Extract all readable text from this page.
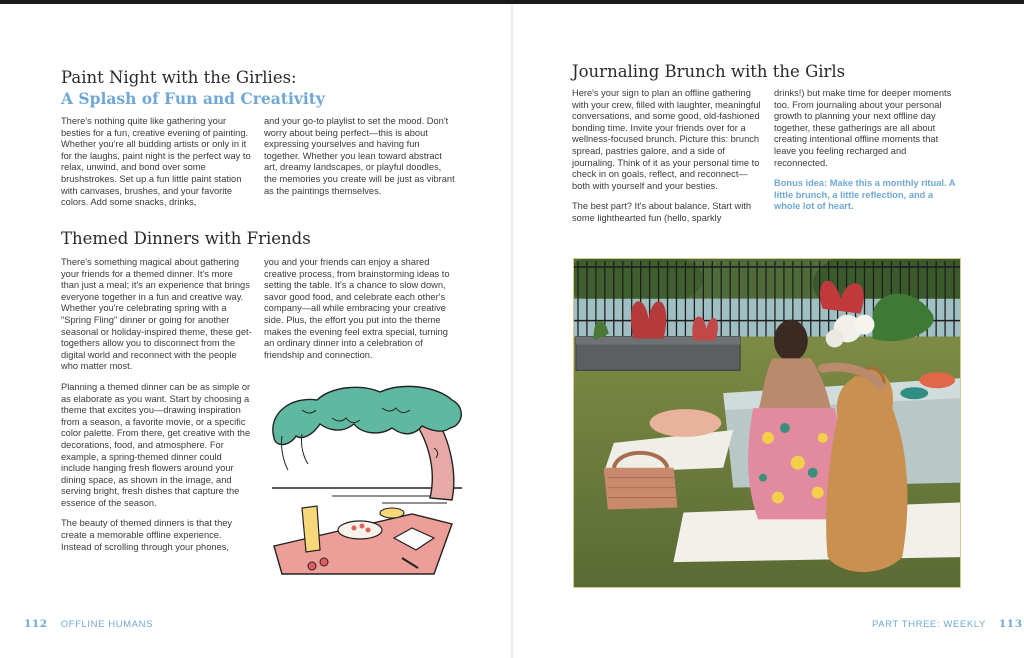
Paint Night with the Girlies:
A Splash of Fun and Creativity

There's nothing quite like gathering your besties for a fun, creative evening of painting. Whether you're all budding artists or only in it for the laughs, paint night is the perfect way to relax, unwind, and bond over some brushstrokes. Set up a fun little paint station with canvases, brushes, and your favorite colors. Add some snacks, drinks,

and your go-to playlist to set the mood. Don't worry about being perfect—this is about expressing yourselves and having fun together. Whether you lean toward abstract art, dreamy landscapes, or playful doodles, the memories you create will be just as vibrant as the paintings themselves.

Themed Dinners with Friends

There's something magical about gathering your friends for a themed dinner. It's more than just a meal; it's an experience that brings everyone together in a fun and creative way. Whether you're celebrating spring with a "Spring Fling" dinner or going for another seasonal or holiday-inspired theme, these get-togethers allow you to disconnect from the digital world and reconnect with the people who matter most.

Planning a themed dinner can be as simple or as elaborate as you want. Start by choosing a theme that excites you—drawing inspiration from a season, a favorite movie, or a specific color palette. From there, get creative with the decorations, food, and atmosphere. For example, a spring-themed dinner could include hanging fresh flowers around your dining space, as shown in the image, and serving bright, fresh dishes that capture the essence of the season.

The beauty of themed dinners is that they create a memorable offline experience. Instead of scrolling through your phones,

you and your friends can enjoy a shared creative process, from brainstorming ideas to setting the table. It's a chance to slow down, savor good food, and celebrate each other's company—all while embracing your creative side. Plus, the effort you put into the theme makes the evening feel extra special, turning an ordinary dinner into a celebration of friendship and connection.

112 OFFLINE HUMANS
Journaling Brunch with the Girls

Here's your sign to plan an offline gathering with your crew, filled with laughter, meaningful conversations, and some good, old-fashioned bonding time. Invite your friends over for a wellness-focused brunch. Picture this: brunch spread, pastries galore, and a side of journaling. Think of it as your personal time to check in on goals, reflect, and reconnect—both with yourself and your besties.

The best part? It's about balance. Start with some lighthearted fun (hello, sparkly

drinks!) but make time for deeper moments too. From journaling about your personal growth to planning your next offline day together, these gatherings are all about creating intentional offline moments that leave you feeling recharged and reconnected.

Bonus idea: Make this a monthly ritual. A little brunch, a little reflection, and a whole lot of heart.

PART THREE: WEEKLY 113
